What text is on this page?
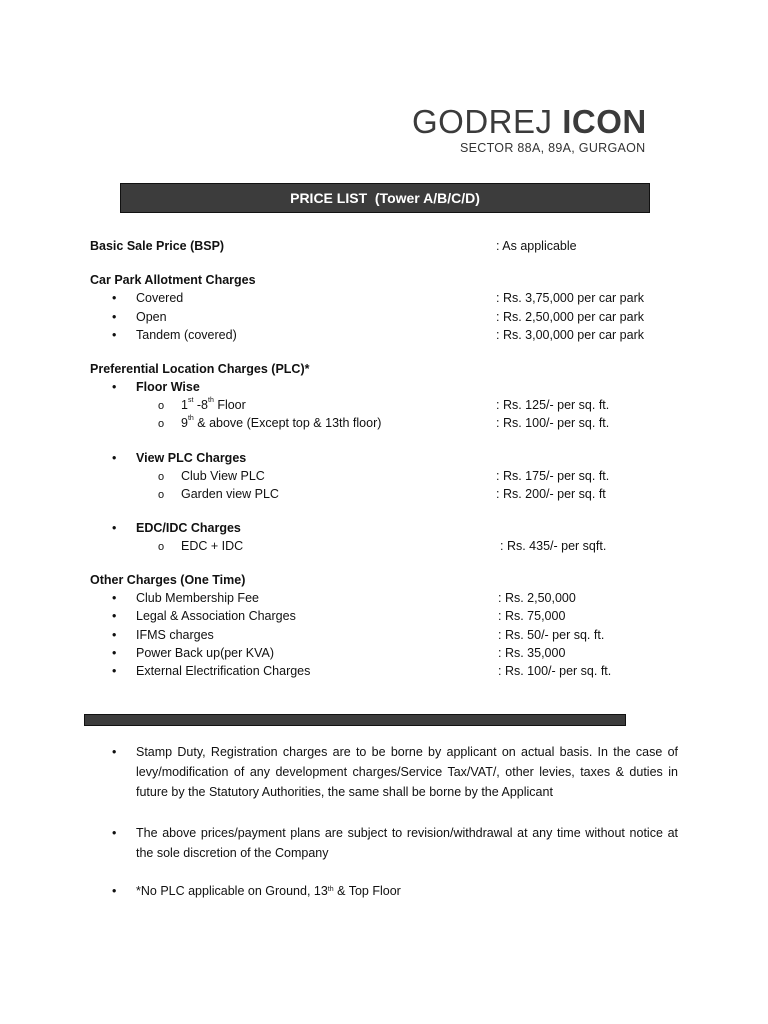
GODREJ ICON
SECTOR 88A, 89A, GURGAON
PRICE LIST  (Tower A/B/C/D)
Basic Sale Price (BSP)	: As applicable
Car Park Allotment Charges
• Covered	: Rs. 3,75,000 per car park
• Open	: Rs. 2,50,000 per car park
• Tandem (covered)	: Rs. 3,00,000 per car park
Preferential Location Charges (PLC)*
• Floor Wise
o 1st -8th Floor	: Rs. 125/- per sq. ft.
o 9th & above (Except top & 13th floor)	: Rs. 100/- per sq. ft.
• View PLC Charges
o Club View PLC	: Rs. 175/- per sq. ft.
o Garden view PLC	: Rs. 200/- per sq. ft
• EDC/IDC Charges
o EDC + IDC	: Rs. 435/- per sqft.
Other Charges (One Time)
• Club Membership Fee	: Rs. 2,50,000
• Legal & Association Charges	: Rs. 75,000
• IFMS charges	: Rs. 50/- per sq. ft.
• Power Back up(per KVA)	: Rs. 35,000
• External Electrification Charges	: Rs. 100/- per sq. ft.
• Stamp Duty, Registration charges are to be borne by applicant on actual basis. In the case of levy/modification of any development charges/Service Tax/VAT/, other levies, taxes & duties in future by the Statutory Authorities, the same shall be borne by the Applicant
• The above prices/payment plans are subject to revision/withdrawal at any time without notice at the sole discretion of the Company
• *No PLC applicable on Ground, 13th & Top Floor
